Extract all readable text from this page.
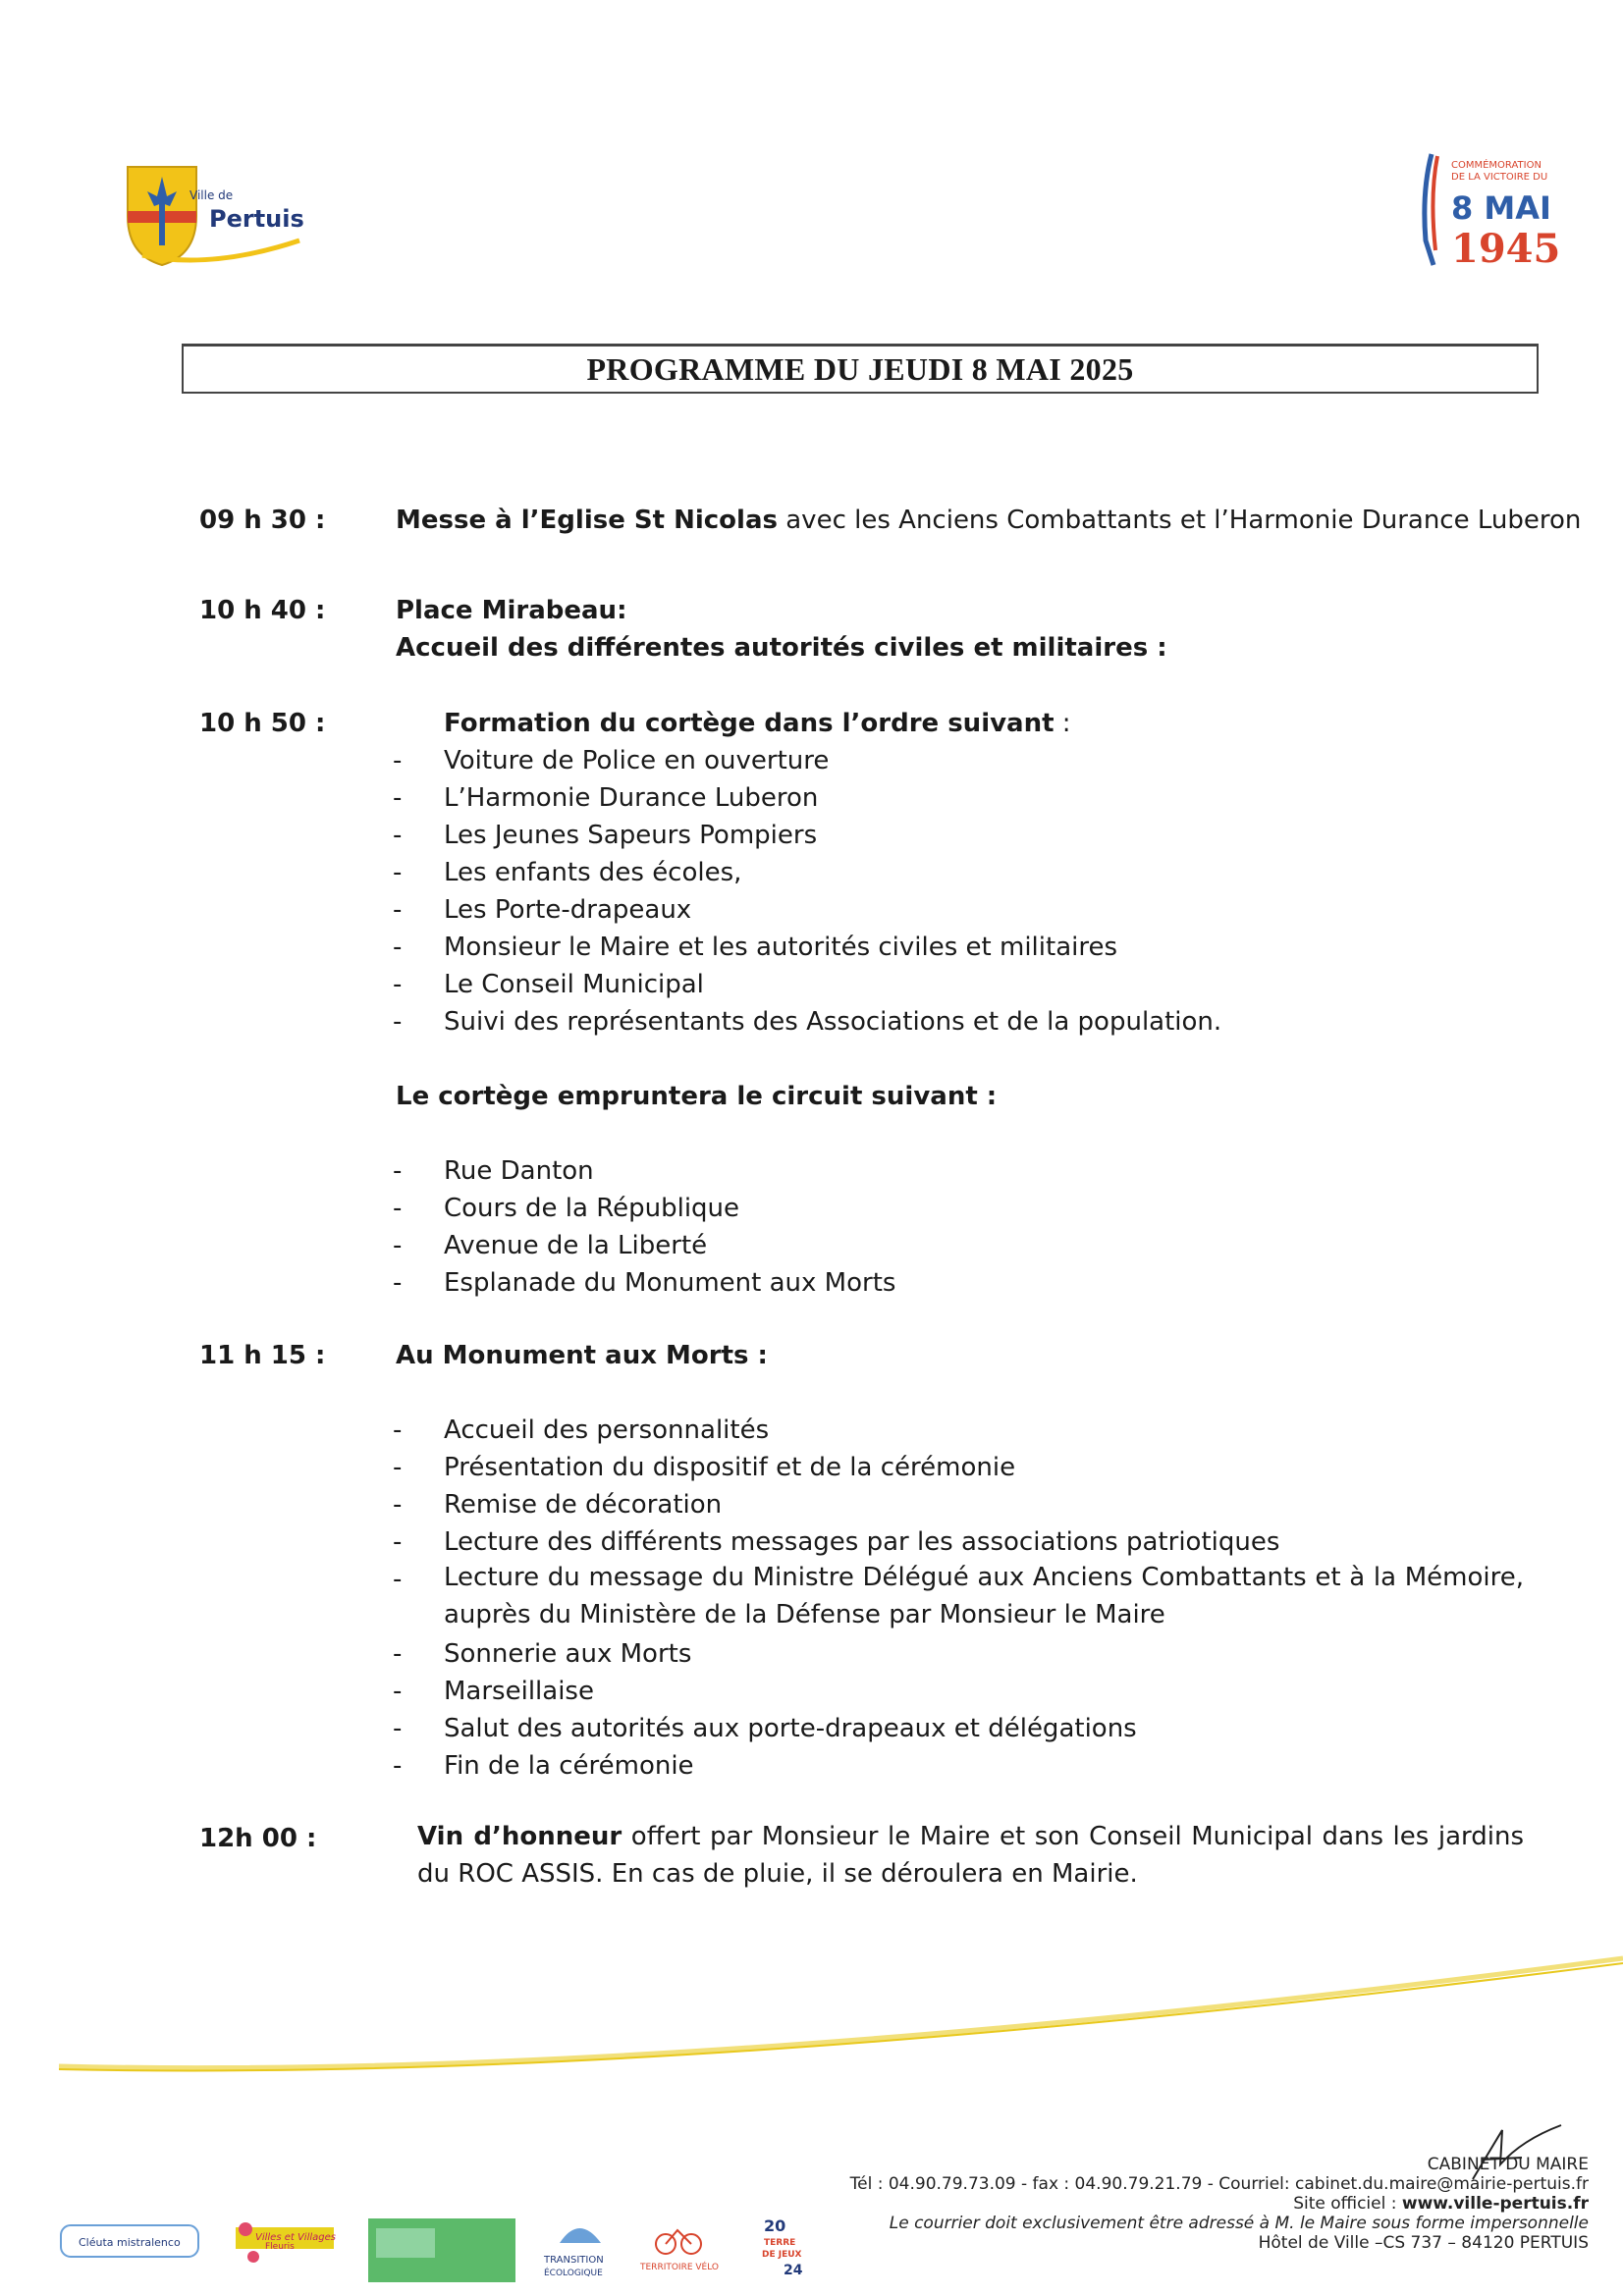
Ville de
Pertuis
COMMÉMORATION
DE LA VICTOIRE DU
8 MAI
1945
PROGRAMME DU JEUDI 8 MAI 2025
09 h 30 :	Messe à l’Eglise St Nicolas avec les Anciens Combattants et l’Harmonie Durance Luberon
10 h 40 :	Place Mirabeau:
Accueil des différentes autorités civiles et militaires :
10 h 50 :	Formation du cortège dans l’ordre suivant :
- Voiture de Police en ouverture
- L’Harmonie Durance Luberon
- Les Jeunes Sapeurs Pompiers
- Les enfants des écoles,
- Les Porte-drapeaux
- Monsieur le Maire et les autorités civiles et militaires
- Le Conseil Municipal
- Suivi des représentants des Associations et de la population.
Le cortège empruntera le circuit suivant :
- Rue Danton
- Cours de la République
- Avenue de la Liberté
- Esplanade du Monument aux Morts
11 h 15 :	Au Monument aux Morts :
- Accueil des personnalités
- Présentation du dispositif et de la cérémonie
- Remise de décoration
- Lecture des différents messages par les associations patriotiques
- Lecture du message du Ministre Délégué aux Anciens Combattants et à la Mémoire, auprès du Ministère de la Défense par Monsieur le Maire
- Sonnerie aux Morts
- Marseillaise
- Salut des autorités aux porte-drapeaux et délégations
- Fin de la cérémonie
12h 00 :	Vin d’honneur offert par Monsieur le Maire et son Conseil Municipal dans les jardins du ROC ASSIS. En cas de pluie, il se déroulera en Mairie.
CABINET DU MAIRE
Tél : 04.90.79.73.09 - fax : 04.90.79.21.79 - Courriel: cabinet.du.maire@mairie-pertuis.fr
Site officiel : www.ville-pertuis.fr
Le courrier doit exclusivement être adressé à M. le Maire sous forme impersonnelle
Hôtel de Ville –CS 737 – 84120 PERTUIS
Cléuta mistralenco	Villes et Villages
Fleuris
TRANSITION
ÉCOLOGIQUE
TERRITOIRE VÉLO
20
TERRE
DE JEUX
24
